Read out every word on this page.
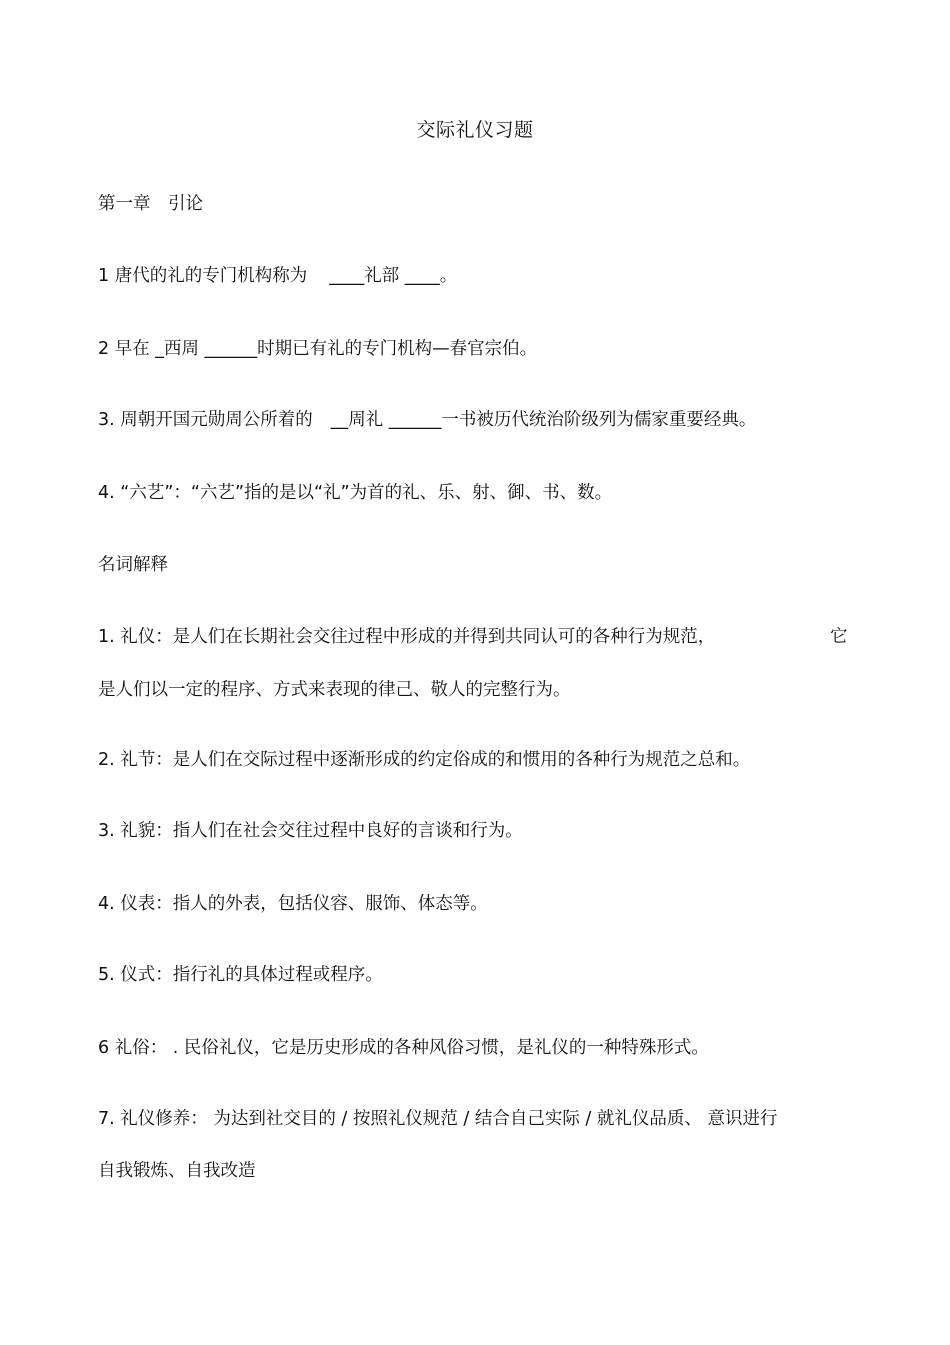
交际礼仪习题
第一章　引论
1 唐代的礼的专门机构称为 ____礼部 ____。
2 早在 _西周 ______时期已有礼的专门机构—春官宗伯。
3. 周朝开国元勋周公所着的 __周礼 ______一书被历代统治阶级列为儒家重要经典。
4. “六艺”：“六艺”指的是以“礼”为首的礼、乐、射、御、书、数。
名词解释
1. 礼仪：是人们在长期社会交往过程中形成的并得到共同认可的各种行为规范，	它
是人们以一定的程序、方式来表现的律己、敬人的完整行为。
2. 礼节：是人们在交际过程中逐渐形成的约定俗成的和惯用的各种行为规范之总和。
3. 礼貌：指人们在社会交往过程中良好的言谈和行为。
4. 仪表：指人的外表，包括仪容、服饰、体态等。
5. 仪式：指行礼的具体过程或程序。
6 礼俗： . 民俗礼仪，它是历史形成的各种风俗习惯，是礼仪的一种特殊形式。
7. 礼仪修养： 为达到社交目的 / 按照礼仪规范 / 结合自己实际 / 就礼仪品质、 意识进行
自我锻炼、自我改造
